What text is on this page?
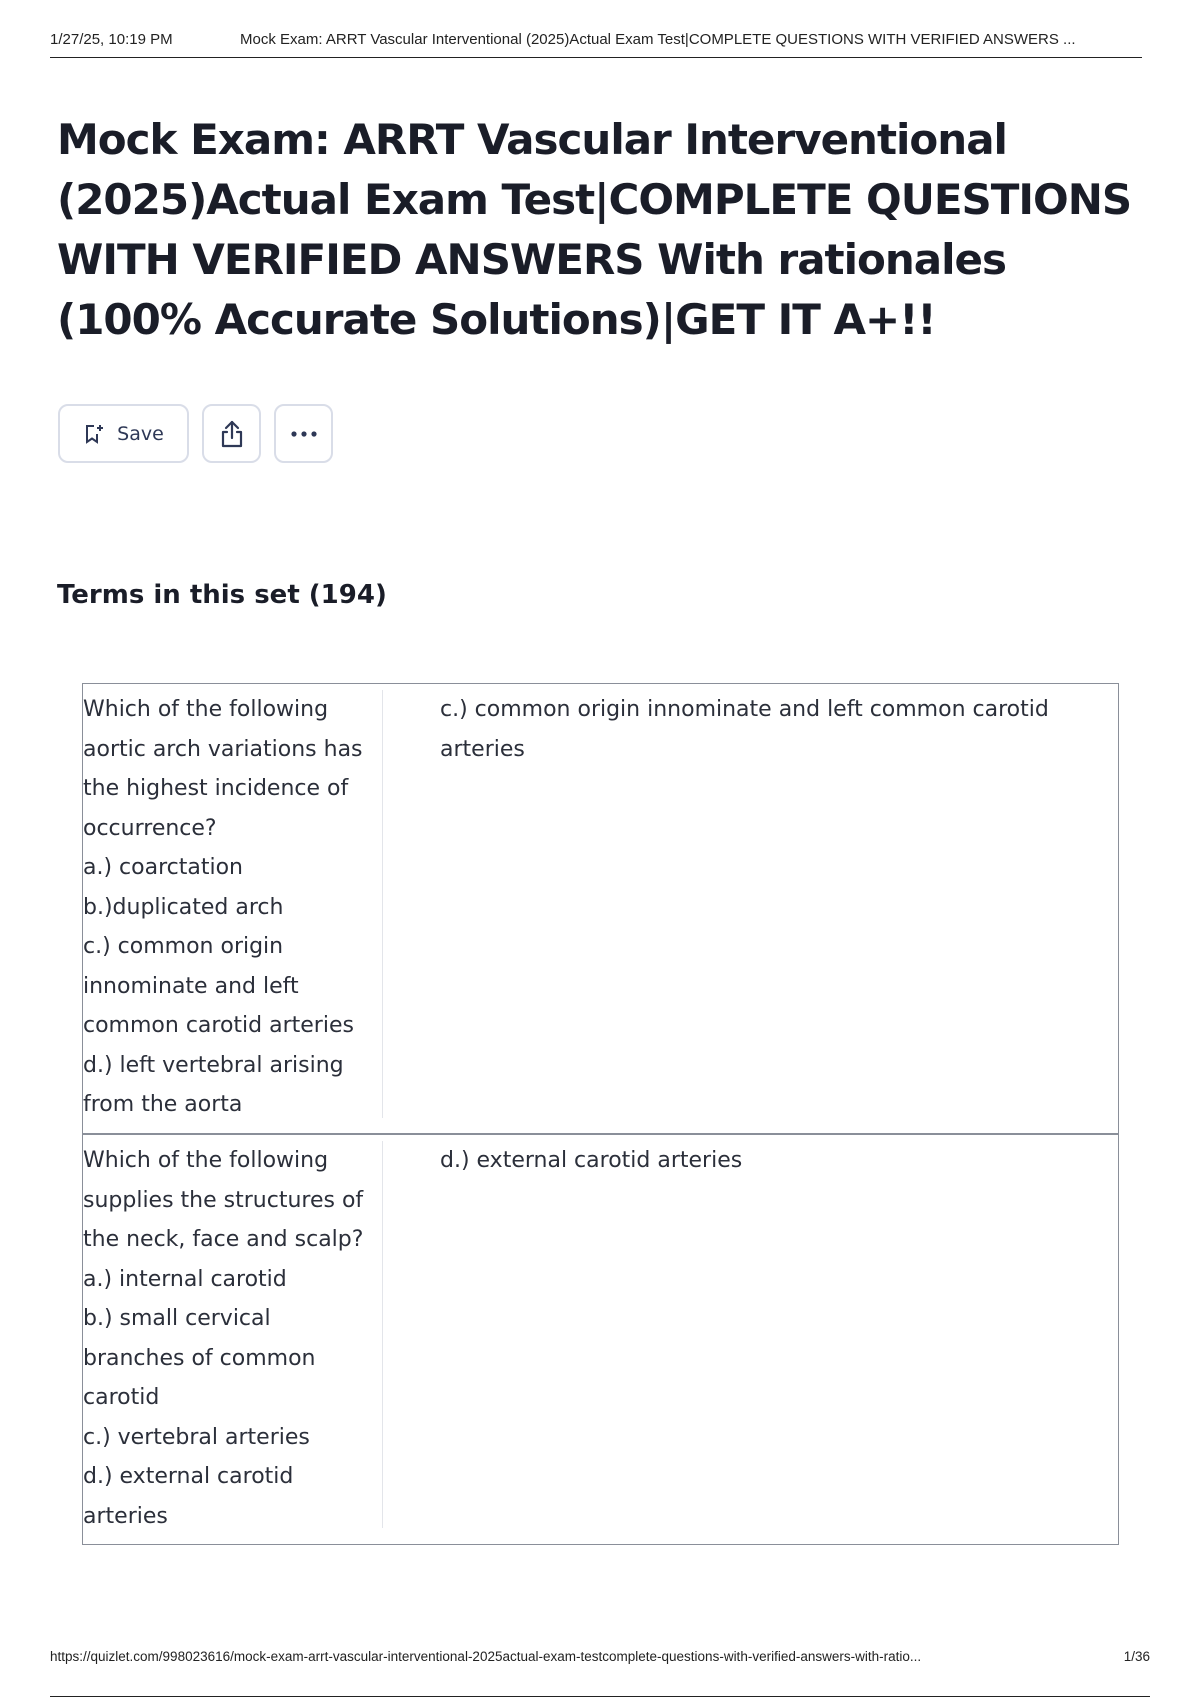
1/27/25, 10:19 PM	Mock Exam: ARRT Vascular Interventional (2025)Actual Exam Test|COMPLETE QUESTIONS WITH VERIFIED ANSWERS ...
Mock Exam: ARRT Vascular Interventional (2025)Actual Exam Test|COMPLETE QUESTIONS WITH VERIFIED ANSWERS With rationales (100% Accurate Solutions)|GET IT A+!!
Save
Terms in this set (194)
Which of the following
aortic arch variations has
the highest incidence of
occurrence?
a.) coarctation
b.)duplicated arch
c.) common origin
innominate and left
common carotid arteries
d.) left vertebral arising
from the aorta
c.) common origin innominate and left common carotid arteries
Which of the following
supplies the structures of
the neck, face and scalp?
a.) internal carotid
b.) small cervical
branches of common
carotid
c.) vertebral arteries
d.) external carotid
arteries
d.) external carotid arteries
https://quizlet.com/998023616/mock-exam-arrt-vascular-interventional-2025actual-exam-testcomplete-questions-with-verified-answers-with-ratio...	1/36
